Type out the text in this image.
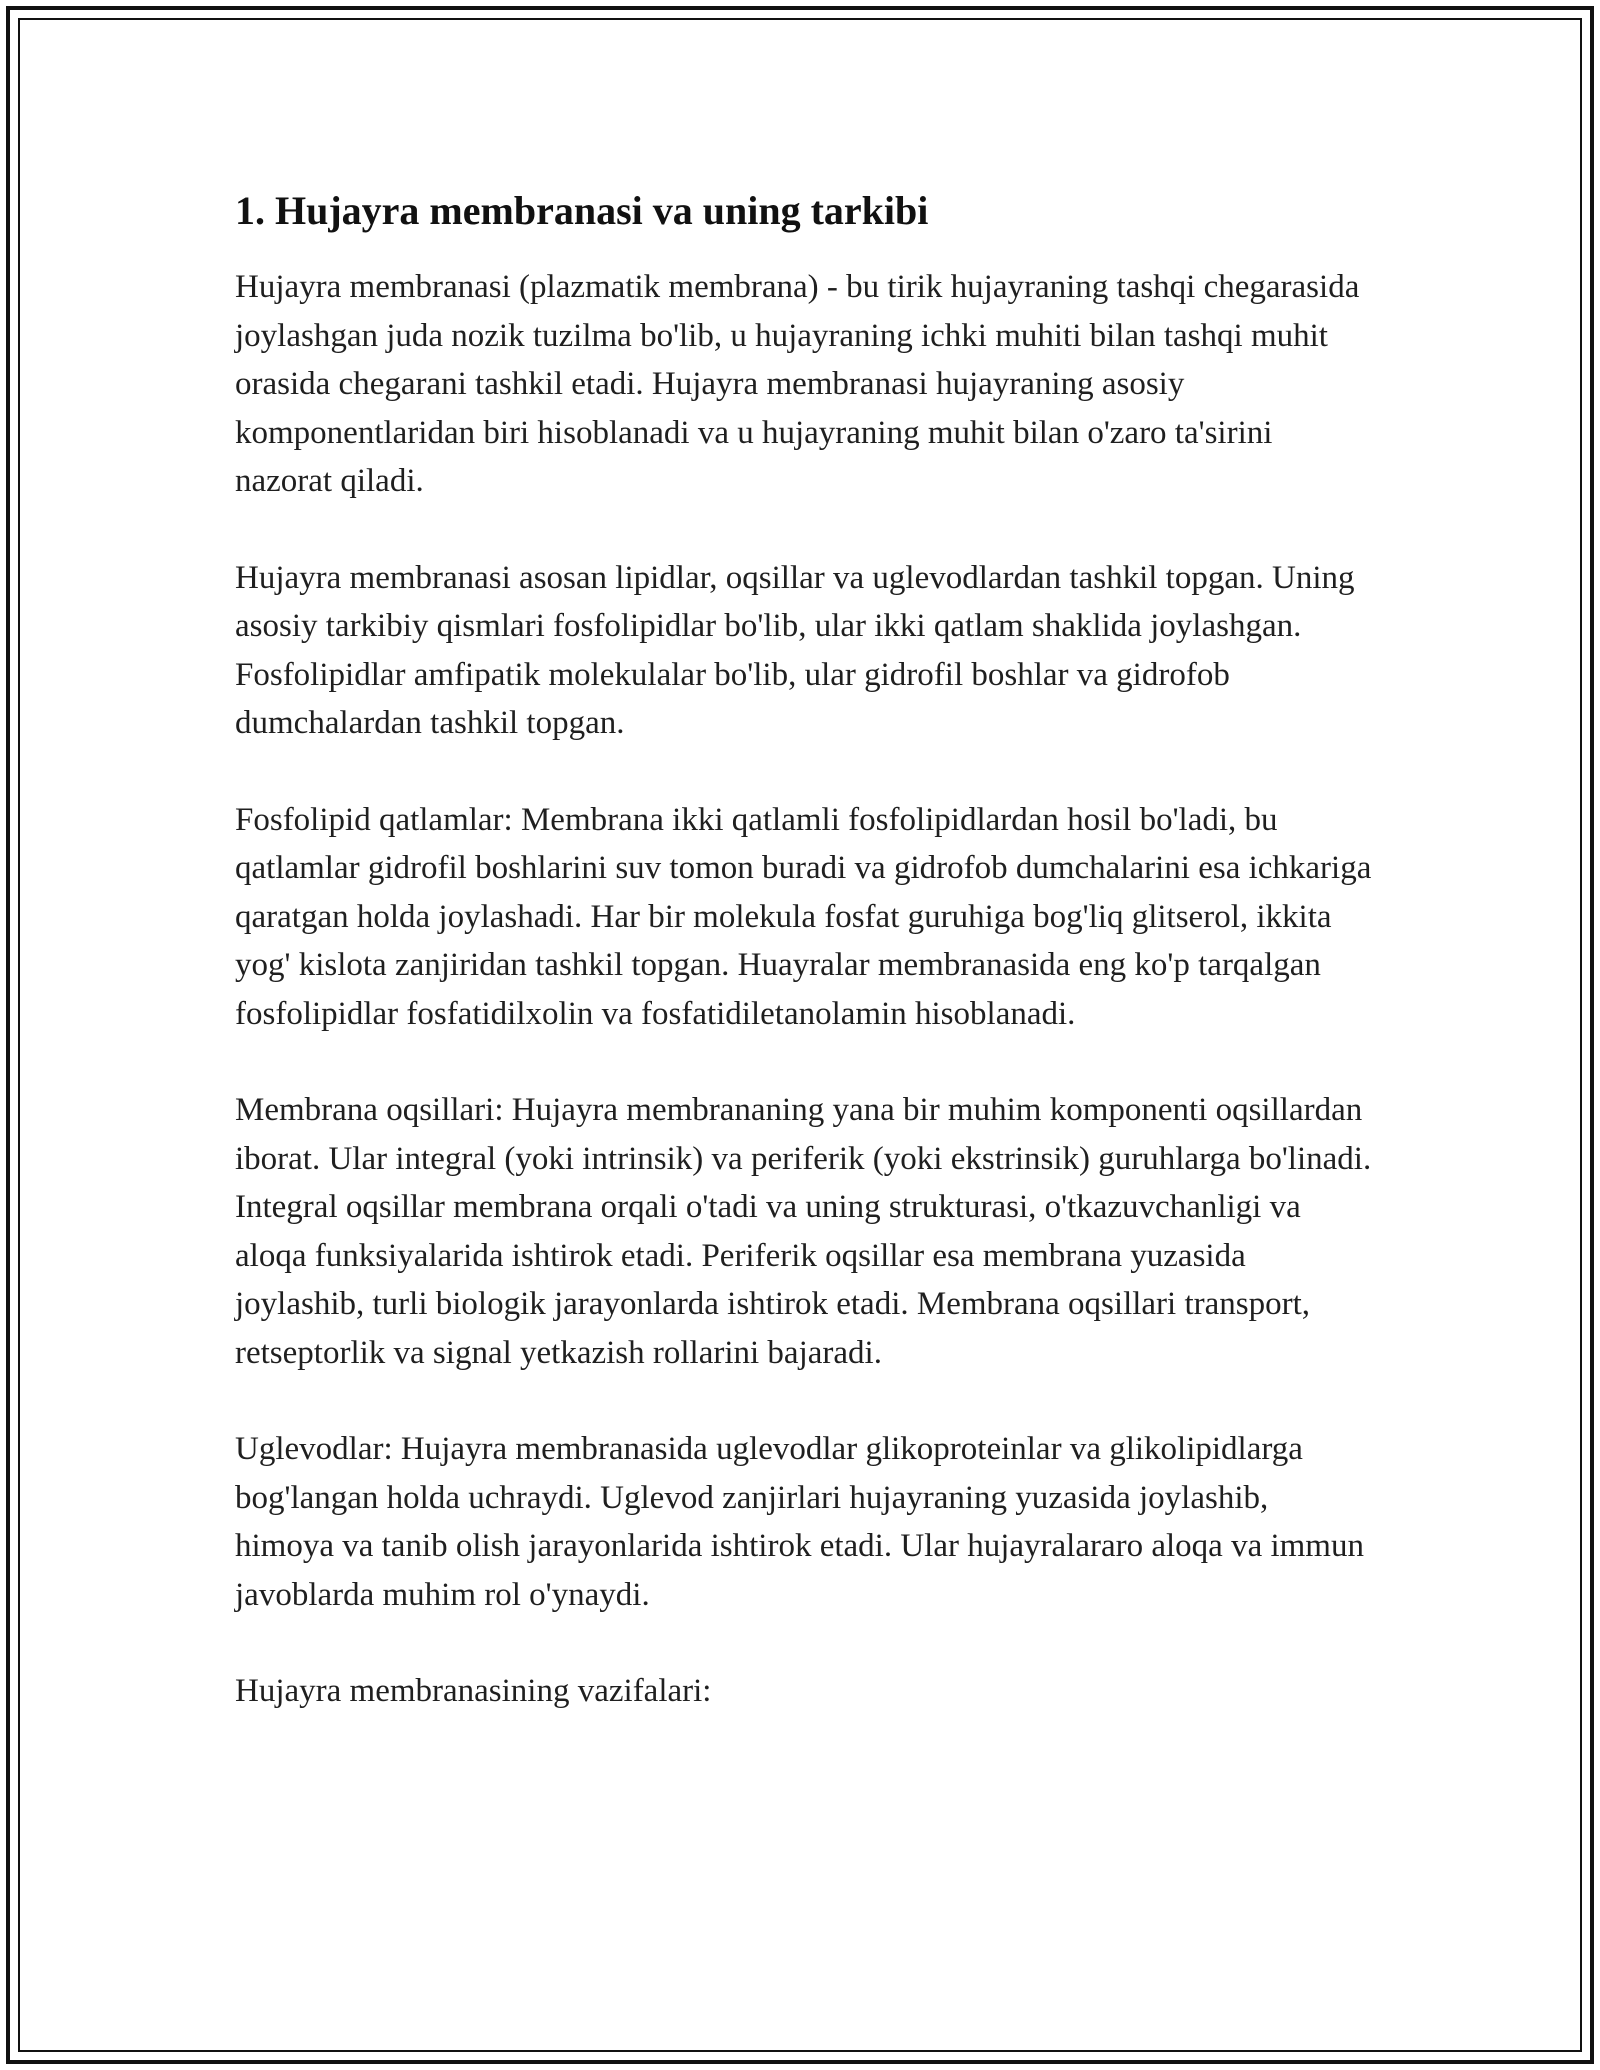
1. Hujayra membranasi va uning tarkibi

Hujayra membranasi (plazmatik membrana) - bu tirik hujayraning tashqi chegarasida joylashgan juda nozik tuzilma bo'lib, u hujayraning ichki muhiti bilan tashqi muhit orasida chegarani tashkil etadi. Hujayra membranasi hujayraning asosiy komponentlaridan biri hisoblanadi va u hujayraning muhit bilan o'zaro ta'sirini nazorat qiladi.

Hujayra membranasi asosan lipidlar, oqsillar va uglevodlardan tashkil topgan. Uning asosiy tarkibiy qismlari fosfolipidlar bo'lib, ular ikki qatlam shaklida joylashgan. Fosfolipidlar amfipatik molekulalar bo'lib, ular gidrofil boshlar va gidrofob dumchalardan tashkil topgan.

Fosfolipid qatlamlar: Membrana ikki qatlamli fosfolipidlardan hosil bo'ladi, bu qatlamlar gidrofil boshlarini suv tomon buradi va gidrofob dumchalarini esa ichkariga qaratgan holda joylashadi. Har bir molekula fosfat guruhiga bog'liq glitserol, ikkita yog' kislota zanjiridan tashkil topgan. Huayralar membranasida eng ko'p tarqalgan fosfolipidlar fosfatidilxolin va fosfatidiletanolamin hisoblanadi.

Membrana oqsillari: Hujayra membrananing yana bir muhim komponenti oqsillardan iborat. Ular integral (yoki intrinsik) va periferik (yoki ekstrinsik) guruhlarga bo'linadi. Integral oqsillar membrana orqali o'tadi va uning strukturasi, o'tkazuvchanligi va aloqa funksiyalarida ishtirok etadi. Periferik oqsillar esa membrana yuzasida joylashib, turli biologik jarayonlarda ishtirok etadi. Membrana oqsillari transport, retseptorlik va signal yetkazish rollarini bajaradi.

Uglevodlar: Hujayra membranasida uglevodlar glikoproteinlar va glikolipidlarga bog'langan holda uchraydi. Uglevod zanjirlari hujayraning yuzasida joylashib, himoya va tanib olish jarayonlarida ishtirok etadi. Ular hujayralararo aloqa va immun javoblarda muhim rol o'ynaydi.

Hujayra membranasining vazifalari:
